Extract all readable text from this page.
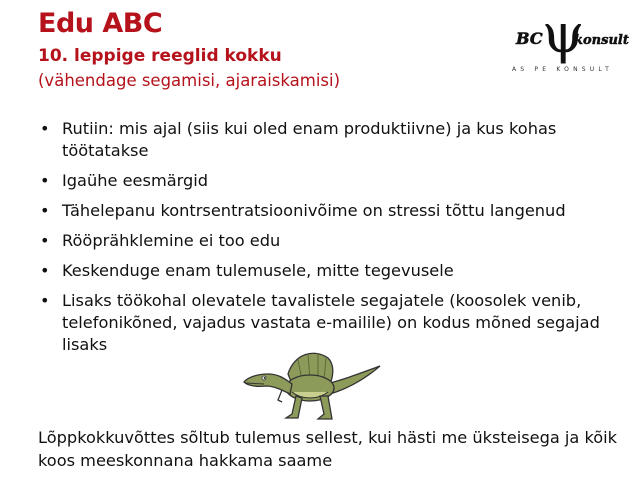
Edu ABC
10. leppige reeglid kokku
(vähendage segamisi, ajaraiskamisi)
BC ψ
konsult
AS PE KONSULT
• Rutiin: mis ajal (siis kui oled enam produktiivne) ja kus kohas töötatakse
• Igaühe eesmärgid
• Tähelepanu kontrsentratsioonivõime on stressi tõttu langenud
• Rööprähklemine ei too edu
• Keskenduge enam tulemusele, mitte tegevusele
• Lisaks töökohal olevatele tavalistele segajatele (koosolek venib, telefonikõned, vajadus vastata e-mailile) on kodus mõned segajad lisaks
Lõppkokkuvõttes sõltub tulemus sellest, kui hästi me üksteisega ja kõik koos meeskonnana hakkama saame
